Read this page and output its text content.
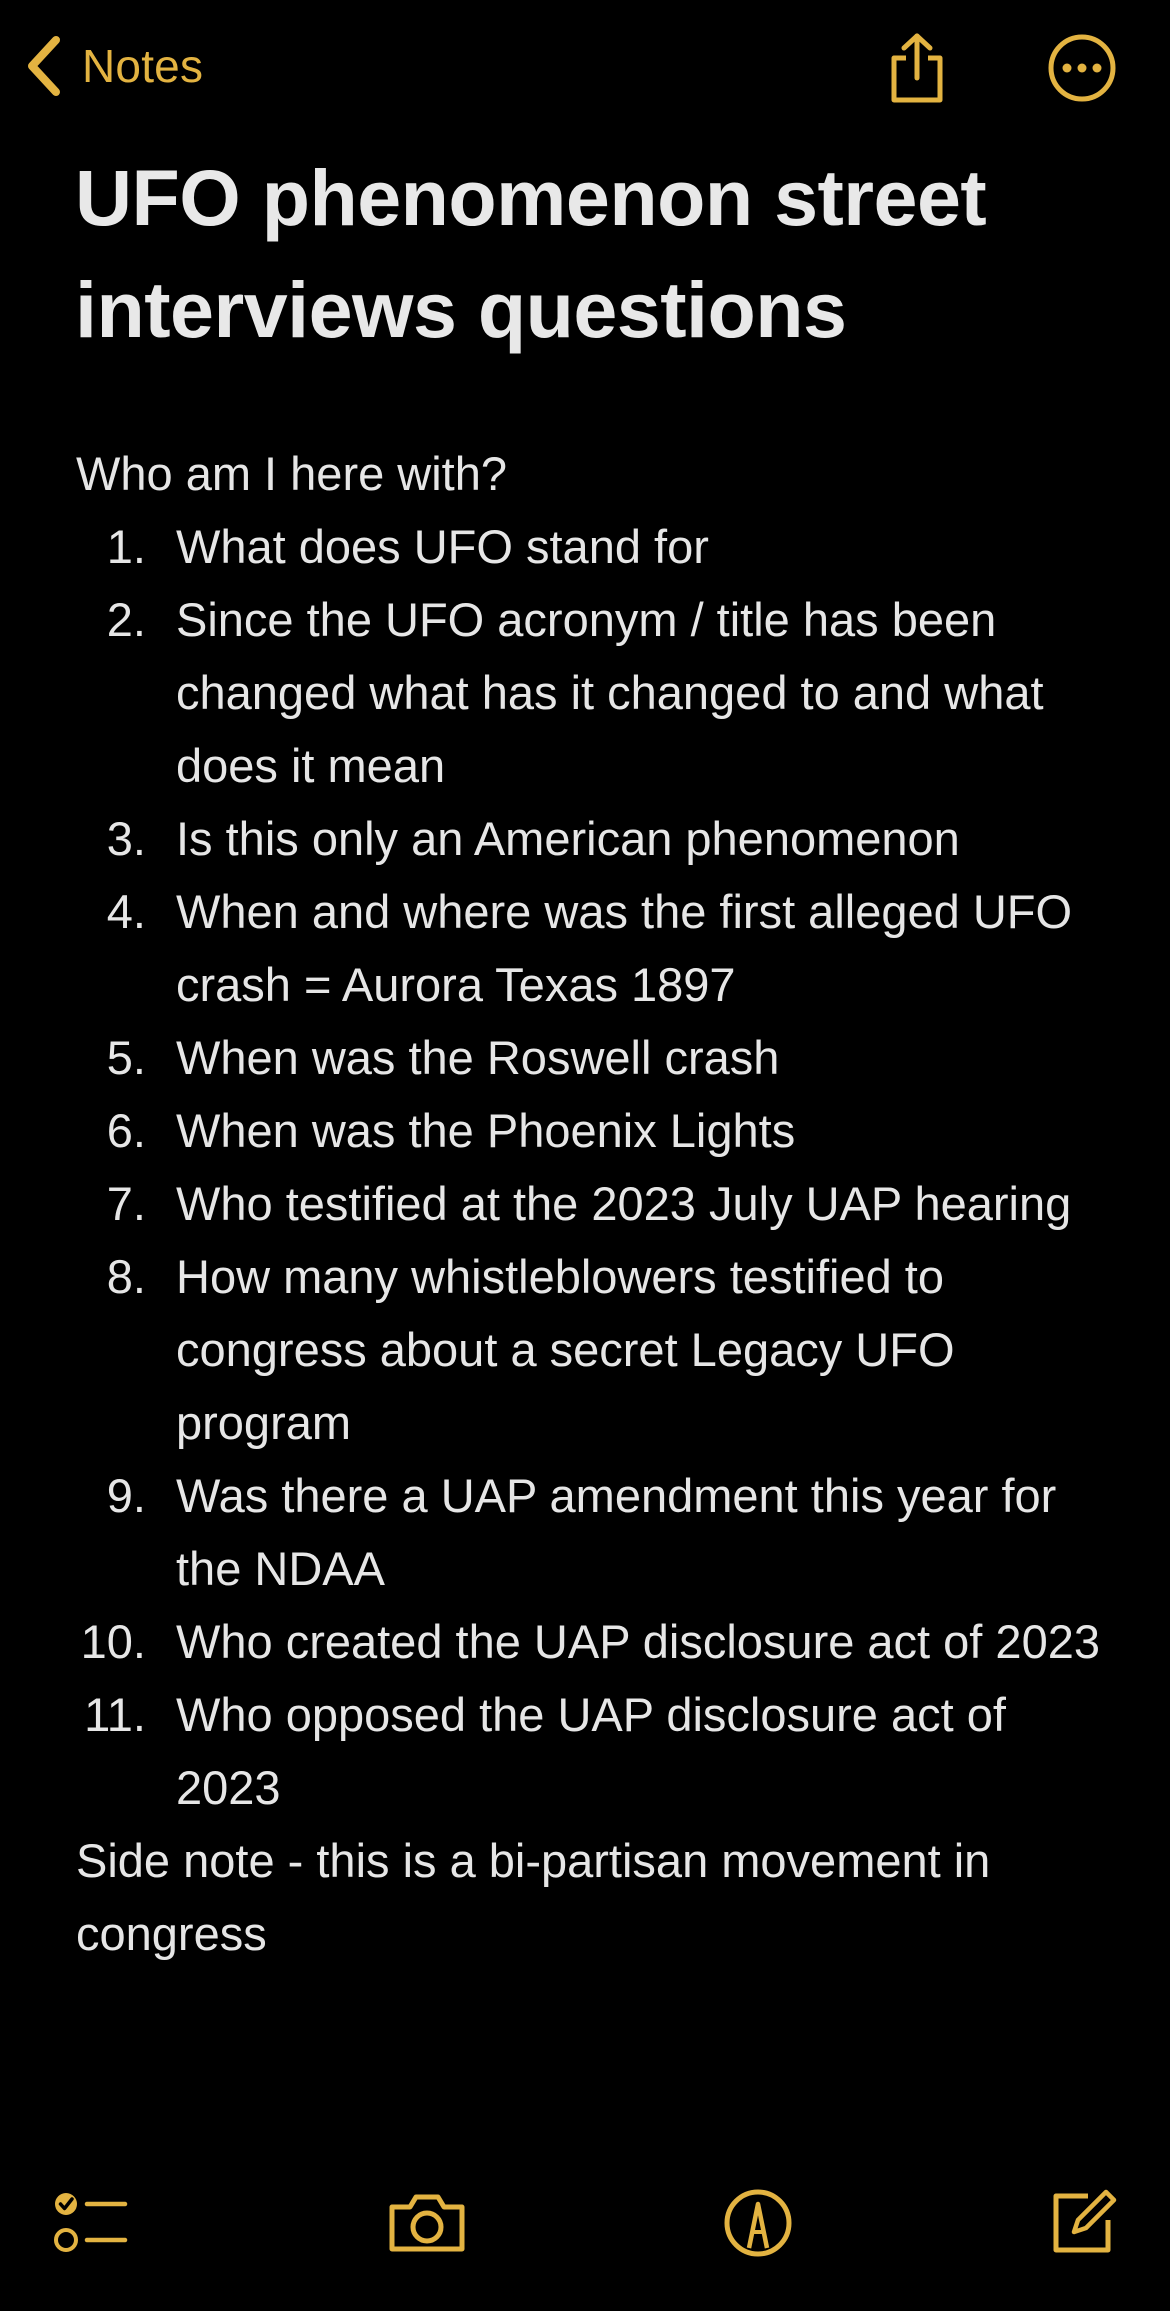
Notes
UFO phenomenon street interviews questions

Who am I here with?

1. What does UFO stand for
2. Since the UFO acronym / title has been changed what has it changed to and what does it mean
3. Is this only an American phenomenon
4. When and where was the first alleged UFO crash = Aurora Texas 1897
5. When was the Roswell crash
6. When was the Phoenix Lights
7. Who testified at the 2023 July UAP hearing
8. How many whistleblowers testified to congress about a secret Legacy UFO program
9. Was there a UAP amendment this year for the NDAA
10. Who created the UAP disclosure act of 2023
11. Who opposed the UAP disclosure act of 2023

Side note - this is a bi-partisan movement in congress
